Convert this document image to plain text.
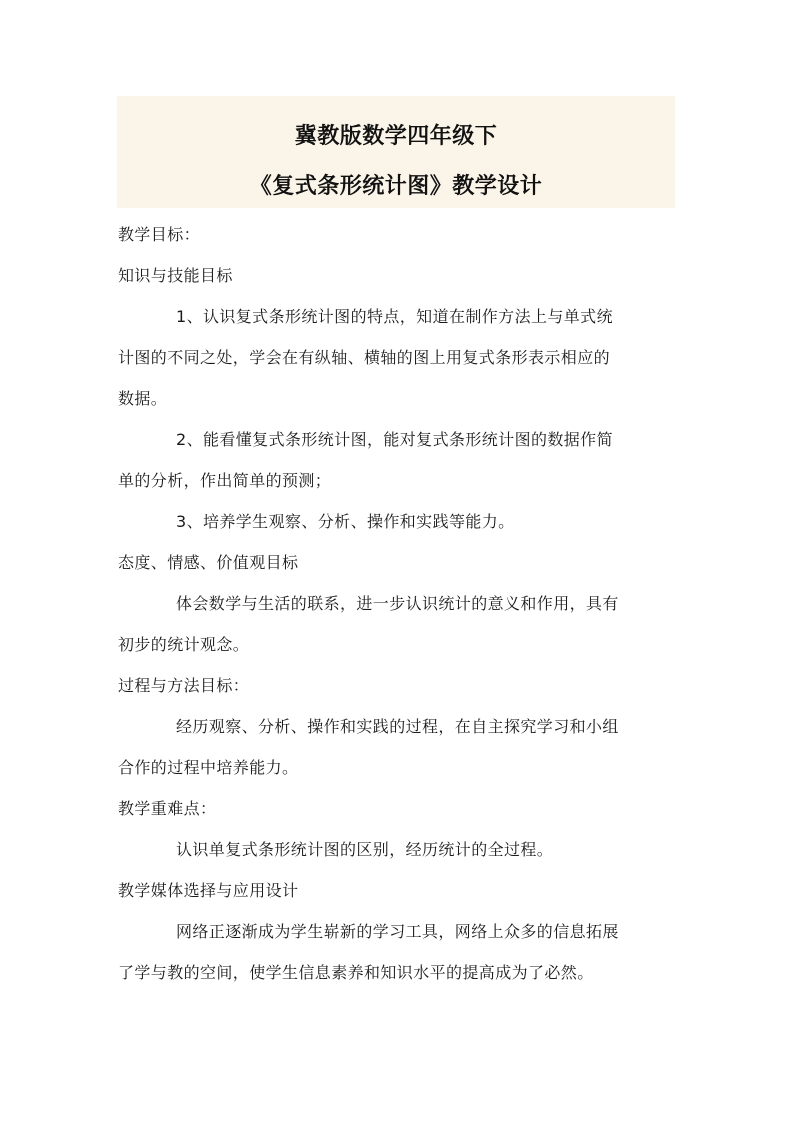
冀教版数学四年级下
《复式条形统计图》教学设计

教学目标：

知识与技能目标

1、认识复式条形统计图的特点，知道在制作方法上与单式统

计图的不同之处，学会在有纵轴、横轴的图上用复式条形表示相应的

数据。

2、能看懂复式条形统计图，能对复式条形统计图的数据作简

单的分析，作出简单的预测；

3、培养学生观察、分析、操作和实践等能力。

态度、情感、价值观目标

体会数学与生活的联系，进一步认识统计的意义和作用，具有

初步的统计观念。

过程与方法目标：

经历观察、分析、操作和实践的过程，在自主探究学习和小组

合作的过程中培养能力。

教学重难点：

认识单复式条形统计图的区别，经历统计的全过程。

教学媒体选择与应用设计

网络正逐渐成为学生崭新的学习工具，网络上众多的信息拓展

了学与教的空间，使学生信息素养和知识水平的提高成为了必然。
